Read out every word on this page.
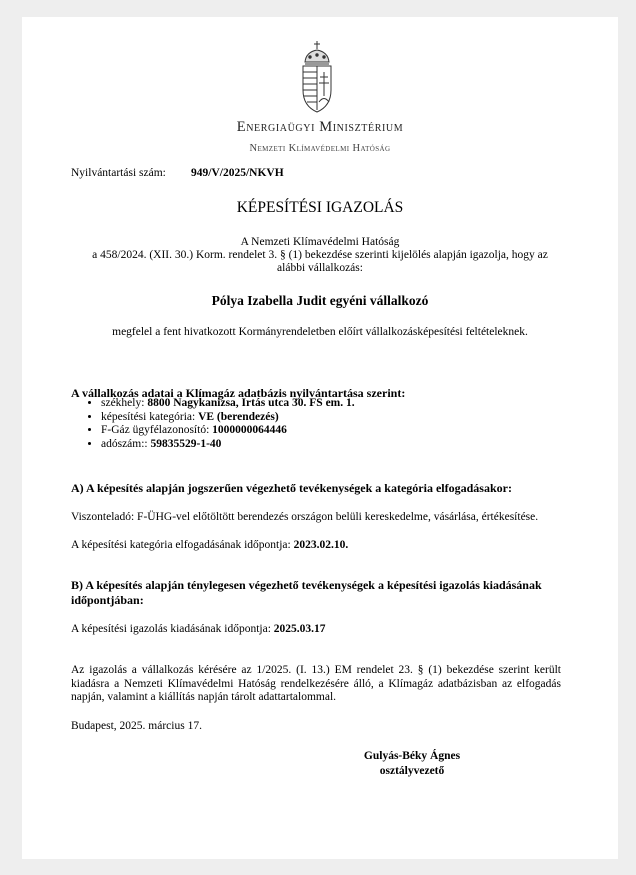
Energiaügyi Minisztérium
Nemzeti Klímavédelmi Hatóság
Nyilvántartási szám: 949/V/2025/NKVH
KÉPESÍTÉSI IGAZOLÁS
A Nemzeti Klímavédelmi Hatóság
a 458/2024. (XII. 30.) Korm. rendelet 3. § (1) bekezdése szerinti kijelölés alapján igazolja, hogy az
alábbi vállalkozás:
Pólya Izabella Judit egyéni vállalkozó
megfelel a fent hivatkozott Kormányrendeletben előírt vállalkozásképesítési feltételeknek.
A vállalkozás adatai a Klímagáz adatbázis nyilvántartása szerint:
• székhely: 8800 Nagykanizsa, Irtás utca 30. FS em. 1.
• képesítési kategória: VE (berendezés)
• F-Gáz ügyfélazonosító: 1000000064446
• adószám:: 59835529-1-40
A) A képesítés alapján jogszerűen végezhető tevékenységek a kategória elfogadásakor:
Viszonteladó: F-ÜHG-vel előtöltött berendezés országon belüli kereskedelme, vásárlása, értékesítése.
A képesítési kategória elfogadásának időpontja: 2023.02.10.
B) A képesítés alapján ténylegesen végezhető tevékenységek a képesítési igazolás kiadásának
időpontjában:
A képesítési igazolás kiadásának időpontja: 2025.03.17
Az igazolás a vállalkozás kérésére az 1/2025. (I. 13.) EM rendelet 23. § (1) bekezdése szerint került kiadásra a Nemzeti Klímavédelmi Hatóság rendelkezésére álló, a Klímagáz adatbázisban az elfogadás napján, valamint a kiállítás napján tárolt adattartalommal.
Budapest, 2025. március 17.
Gulyás-Béky Ágnes
osztályvezető
